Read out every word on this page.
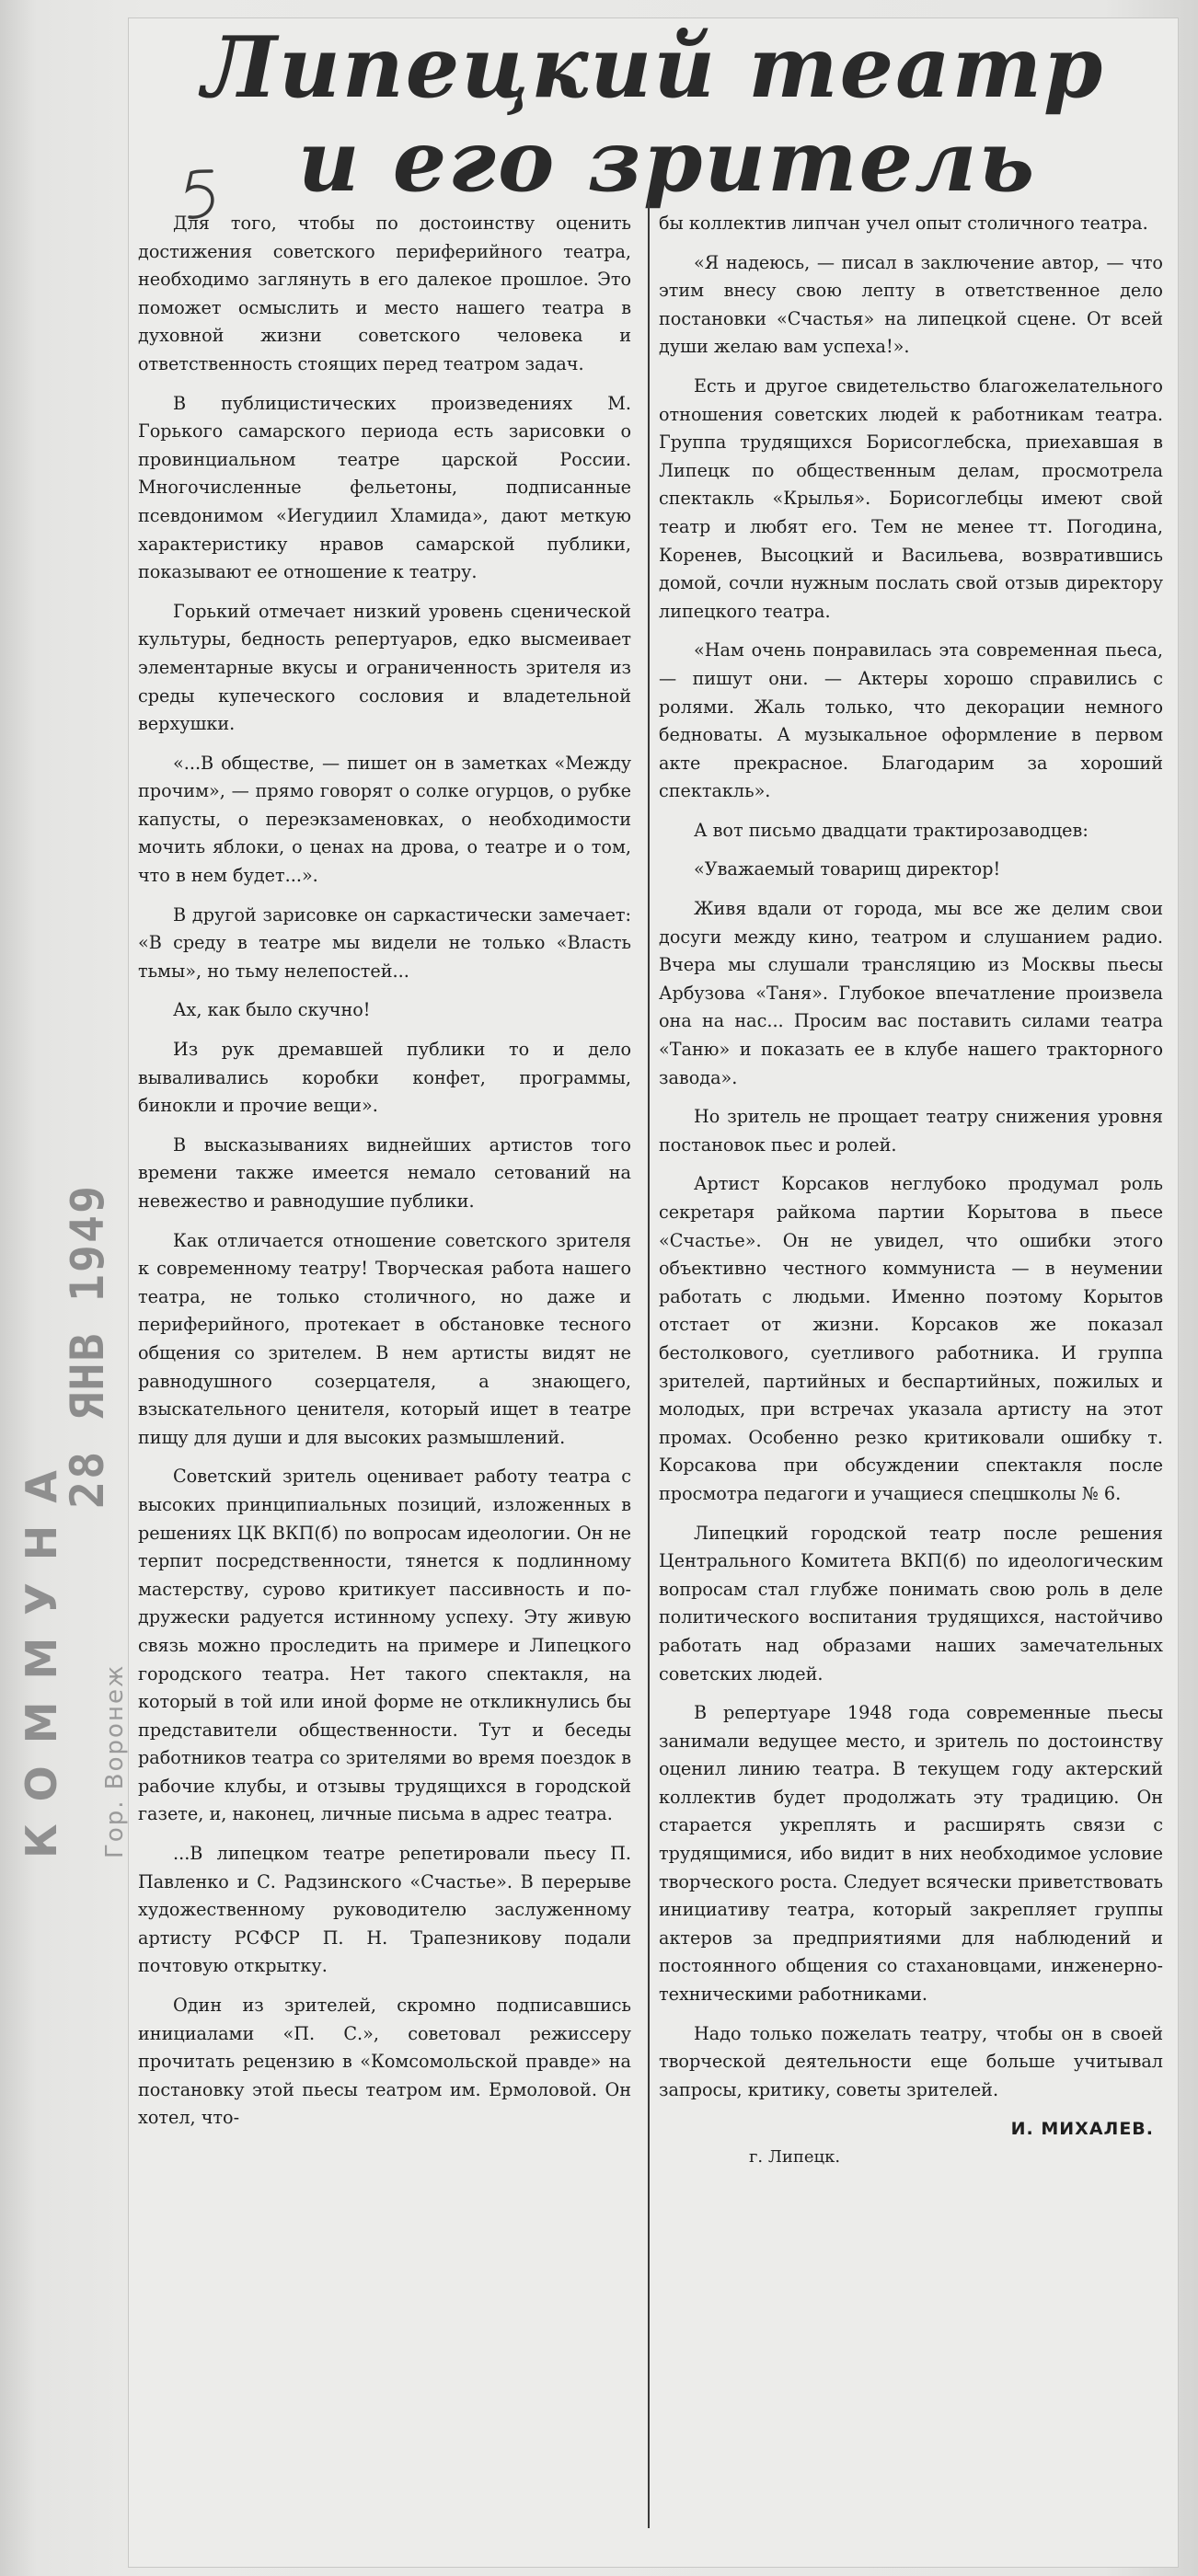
КОММУНА Гор. Воронеж
28 ЯНВ 1949
Липецкий театр
и его зритель

Для того, чтобы по достоинству оценить достижения советского периферийного театра, необходимо заглянуть в его далекое прошлое. Это поможет осмыслить и место нашего театра в духовной жизни советского человека и ответственность стоящих перед театром задач.

В публицистических произведениях М. Горького самарского периода есть зарисовки о провинциальном театре царской России. Многочисленные фельетоны, подписанные псевдонимом «Иегудиил Хламида», дают меткую характеристику нравов самарской публики, показывают ее отношение к театру.

Горький отмечает низкий уровень сценической культуры, бедность репертуаров, едко высмеивает элементарные вкусы и ограниченность зрителя из среды купеческого сословия и владетельной верхушки.

«...В обществе, — пишет он в заметках «Между прочим», — прямо говорят о солке огурцов, о рубке капусты, о переэкзаменовках, о необходимости мочить яблоки, о ценах на дрова, о театре и о том, что в нем будет...».

В другой зарисовке он саркастически замечает: «В среду в театре мы видели не только «Власть тьмы», но тьму нелепостей...

Ах, как было скучно!

Из рук дремавшей публики то и дело вываливались коробки конфет, программы, бинокли и прочие вещи».

В высказываниях виднейших артистов того времени также имеется немало сетований на невежество и равнодушие публики.

Как отличается отношение советского зрителя к современному театру! Творческая работа нашего театра, не только столичного, но даже и периферийного, протекает в обстановке тесного общения со зрителем. В нем артисты видят не равнодушного созерцателя, а знающего, взыскательного ценителя, который ищет в театре пищу для души и для высоких размышлений.

Советский зритель оценивает работу театра с высоких принципиальных позиций, изложенных в решениях ЦК ВКП(б) по вопросам идеологии. Он не терпит посредственности, тянется к подлинному мастерству, сурово критикует пассивность и по-дружески радуется истинному успеху. Эту живую связь можно проследить на примере и Липецкого городского театра. Нет такого спектакля, на который в той или иной форме не откликнулись бы представители общественности. Тут и беседы работников театра со зрителями во время поездок в рабочие клубы, и отзывы трудящихся в городской газете, и, наконец, личные письма в адрес театра.

...В липецком театре репетировали пьесу П. Павленко и С. Радзинского «Счастье». В перерыве художественному руководителю заслуженному артисту РСФСР П. Н. Трапезникову подали почтовую открытку.

Один из зрителей, скромно подписавшись инициалами «П. С.», советовал режиссеру прочитать рецензию в «Комсомольской правде» на постановку этой пьесы театром им. Ермоловой. Он хотел, что-

бы коллектив липчан учел опыт столичного театра.

«Я надеюсь, — писал в заключение автор, — что этим внесу свою лепту в ответственное дело постановки «Счастья» на липецкой сцене. От всей души желаю вам успеха!».

Есть и другое свидетельство благожелательного отношения советских людей к работникам театра. Группа трудящихся Борисоглебска, приехавшая в Липецк по общественным делам, просмотрела спектакль «Крылья». Борисоглебцы имеют свой театр и любят его. Тем не менее тт. Погодина, Коренев, Высоцкий и Васильева, возвратившись домой, сочли нужным послать свой отзыв директору липецкого театра.

«Нам очень понравилась эта современная пьеса, — пишут они. — Актеры хорошо справились с ролями. Жаль только, что декорации немного бедноваты. А музыкальное оформление в первом акте прекрасное. Благодарим за хороший спектакль».

А вот письмо двадцати трактирозаводцев:

«Уважаемый товарищ директор!

Живя вдали от города, мы все же делим свои досуги между кино, театром и слушанием радио. Вчера мы слушали трансляцию из Москвы пьесы Арбузова «Таня». Глубокое впечатление произвела она на нас... Просим вас поставить силами театра «Таню» и показать ее в клубе нашего тракторного завода».

Но зритель не прощает театру снижения уровня постановок пьес и ролей.

Артист Корсаков неглубоко продумал роль секретаря райкома партии Корытова в пьесе «Счастье». Он не увидел, что ошибки этого объективно честного коммуниста — в неумении работать с людьми. Именно поэтому Корытов отстает от жизни. Корсаков же показал бестолкового, суетливого работника. И группа зрителей, партийных и беспартийных, пожилых и молодых, при встречах указала артисту на этот промах. Особенно резко критиковали ошибку т. Корсакова при обсуждении спектакля после просмотра педагоги и учащиеся спецшколы № 6.

Липецкий городской театр после решения Центрального Комитета ВКП(б) по идеологическим вопросам стал глубже понимать свою роль в деле политического воспитания трудящихся, настойчиво работать над образами наших замечательных советских людей.

В репертуаре 1948 года современные пьесы занимали ведущее место, и зритель по достоинству оценил линию театра. В текущем году актерский коллектив будет продолжать эту традицию. Он старается укреплять и расширять связи с трудящимися, ибо видит в них необходимое условие творческого роста. Следует всячески приветствовать инициативу театра, который закрепляет группы актеров за предприятиями для наблюдений и постоянного общения со стахановцами, инженерно-техническими работниками.

Надо только пожелать театру, чтобы он в своей творческой деятельности еще больше учитывал запросы, критику, советы зрителей.

И. МИХАЛЕВ.

г. Липецк.
